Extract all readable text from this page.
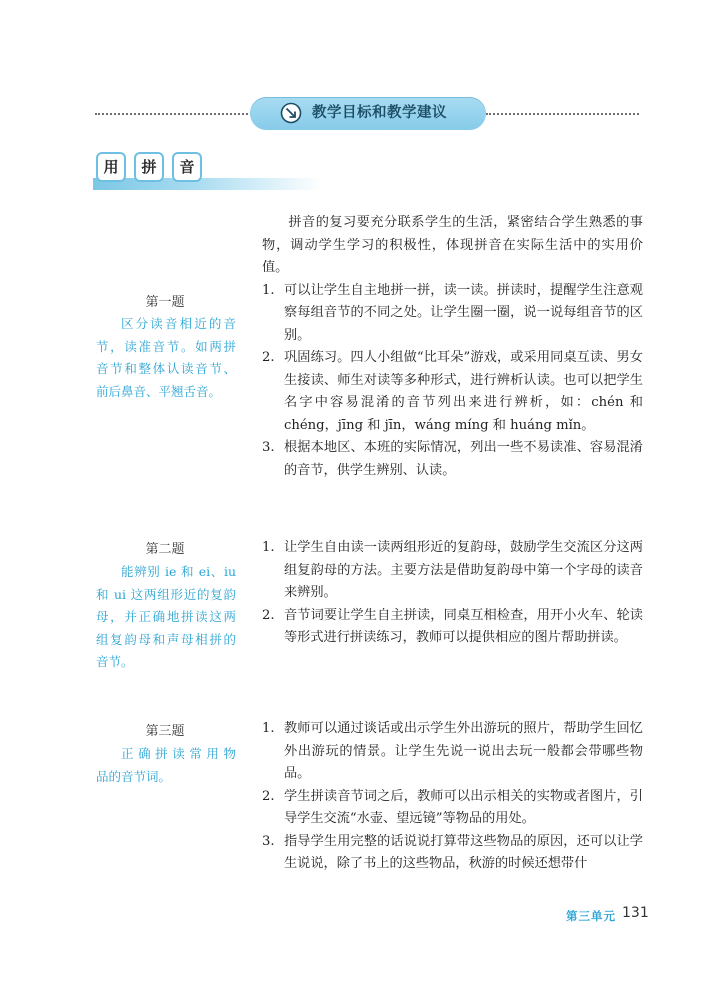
教学目标和教学建议
用	拼	音
第一题
区分读音相近的音
节，读准音节。如两拼
音节和整体认读音节、
前后鼻音、平翘舌音。

拼音的复习要充分联系学生的生活，紧密结合学生熟悉的事物，调动学生学习的积极性，体现拼音在实际生活中的实用价值。

1. 可以让学生自主地拼一拼，读一读。拼读时，提醒学生注意观察每组音节的不同之处。让学生圈一圈，说一说每组音节的区别。
2. 巩固练习。四人小组做“比耳朵”游戏，或采用同桌互读、男女生接读、师生对读等多种形式，进行辨析认读。也可以把学生名字中容易混淆的音节列出来进行辨析，如：chén 和 chéng，jīng 和 jīn，wáng míng 和 huáng mǐn。
3. 根据本地区、本班的实际情况，列出一些不易读准、容易混淆的音节，供学生辨别、认读。
第二题
能辨别 ie 和 ei、iu
和 ui 这两组形近的复韵
母，并正确地拼读这两
组复韵母和声母相拼的
音节。
1. 让学生自由读一读两组形近的复韵母，鼓励学生交流区分这两组复韵母的方法。主要方法是借助复韵母中第一个字母的读音来辨别。
2. 音节词要让学生自主拼读，同桌互相检查，用开小火车、轮读等形式进行拼读练习，教师可以提供相应的图片帮助拼读。
第三题
正确拼读常用物
品的音节词。
1. 教师可以通过谈话或出示学生外出游玩的照片，帮助学生回忆外出游玩的情景。让学生先说一说出去玩一般都会带哪些物品。
2. 学生拼读音节词之后，教师可以出示相关的实物或者图片，引导学生交流“水壶、望远镜”等物品的用处。
3. 指导学生用完整的话说说打算带这些物品的原因，还可以让学生说说，除了书上的这些物品，秋游的时候还想带什
第三单元 131
